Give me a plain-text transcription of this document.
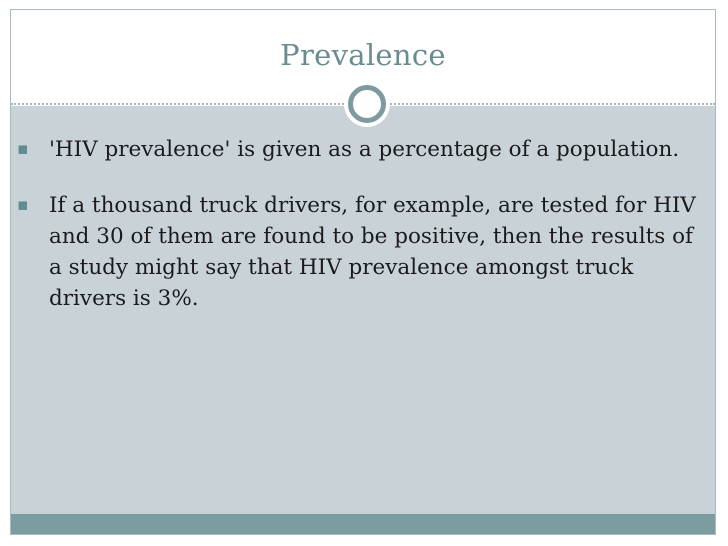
Prevalence
▪ 'HIV prevalence' is given as a percentage of a population.
▪ If a thousand truck drivers, for example, are tested for HIV and 30 of them are found to be positive, then the results of a study might say that HIV prevalence amongst truck drivers is 3%.
